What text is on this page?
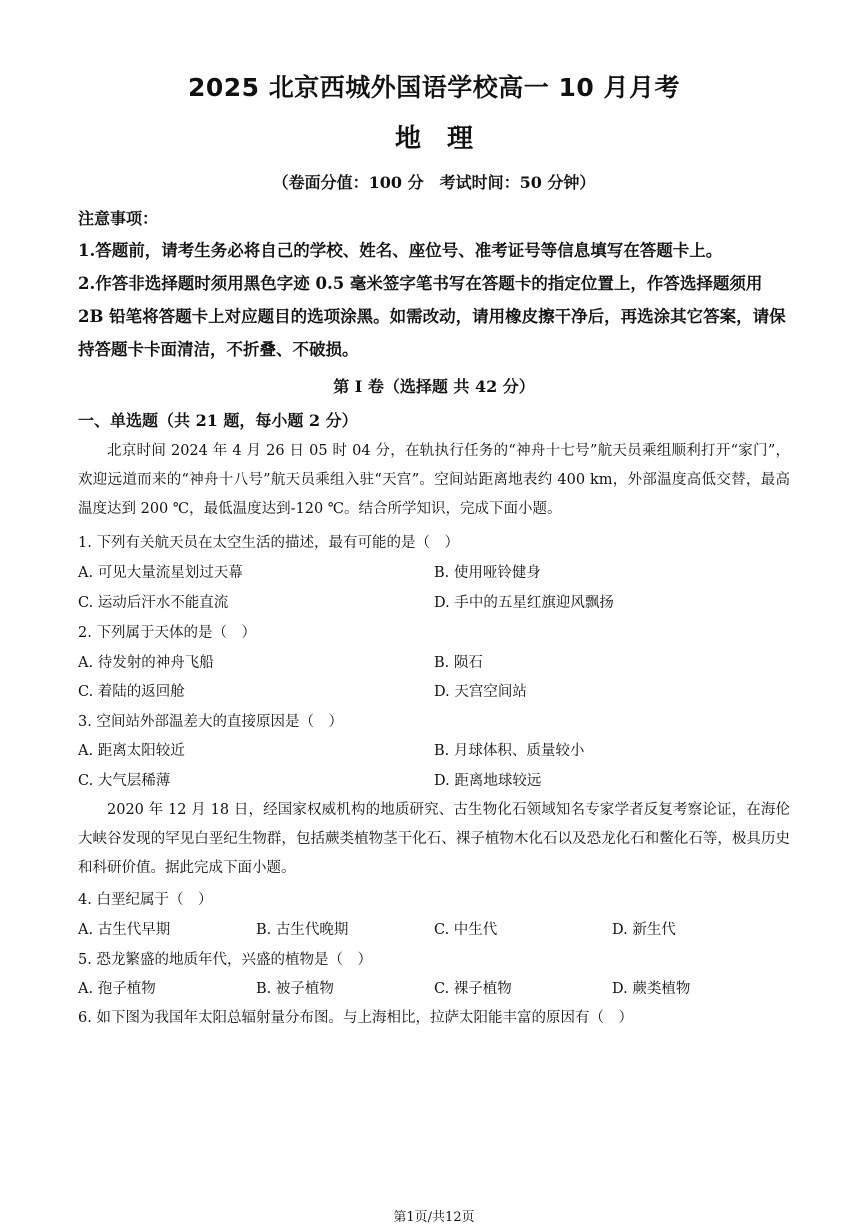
2025 北京西城外国语学校高一 10 月月考
地　理
（卷面分值：100 分　考试时间：50 分钟）
注意事项：
1.答题前，请考生务必将自己的学校、姓名、座位号、准考证号等信息填写在答题卡上。
2.作答非选择题时须用黑色字迹 0.5 毫米签字笔书写在答题卡的指定位置上，作答选择题须用 2B 铅笔将答题卡上对应题目的选项涂黑。如需改动，请用橡皮擦干净后，再选涂其它答案，请保持答题卡卡面清洁，不折叠、不破损。
第 I 卷（选择题 共 42 分）
一、单选题（共 21 题，每小题 2 分）
北京时间 2024 年 4 月 26 日 05 时 04 分，在轨执行任务的“神舟十七号”航天员乘组顺利打开“家门”，欢迎远道而来的“神舟十八号”航天员乘组入驻“天宫”。空间站距离地表约 400 km，外部温度高低交替，最高温度达到 200 ℃，最低温度达到-120 ℃。结合所学知识，完成下面小题。
1. 下列有关航天员在太空生活的描述，最有可能的是（　）
A. 可见大量流星划过天幕	B. 使用哑铃健身
C. 运动后汗水不能直流	D. 手中的五星红旗迎风飘扬
2. 下列属于天体的是（　）
A. 待发射的神舟飞船	B. 陨石
C. 着陆的返回舱	D. 天宫空间站
3. 空间站外部温差大的直接原因是（　）
A. 距离太阳较近	B. 月球体积、质量较小
C. 大气层稀薄	D. 距离地球较远
2020 年 12 月 18 日，经国家权威机构的地质研究、古生物化石领域知名专家学者反复考察论证，在海伦大峡谷发现的罕见白垩纪生物群，包括蕨类植物茎干化石、裸子植物木化石以及恐龙化石和鳖化石等，极具历史和科研价值。据此完成下面小题。
4. 白垩纪属于（　）
A. 古生代早期	B. 古生代晚期	C. 中生代	D. 新生代
5. 恐龙繁盛的地质年代，兴盛的植物是（　）
A. 孢子植物	B. 被子植物	C. 裸子植物	D. 蕨类植物
6. 如下图为我国年太阳总辐射量分布图。与上海相比，拉萨太阳能丰富的原因有（　）
第1页/共12页
